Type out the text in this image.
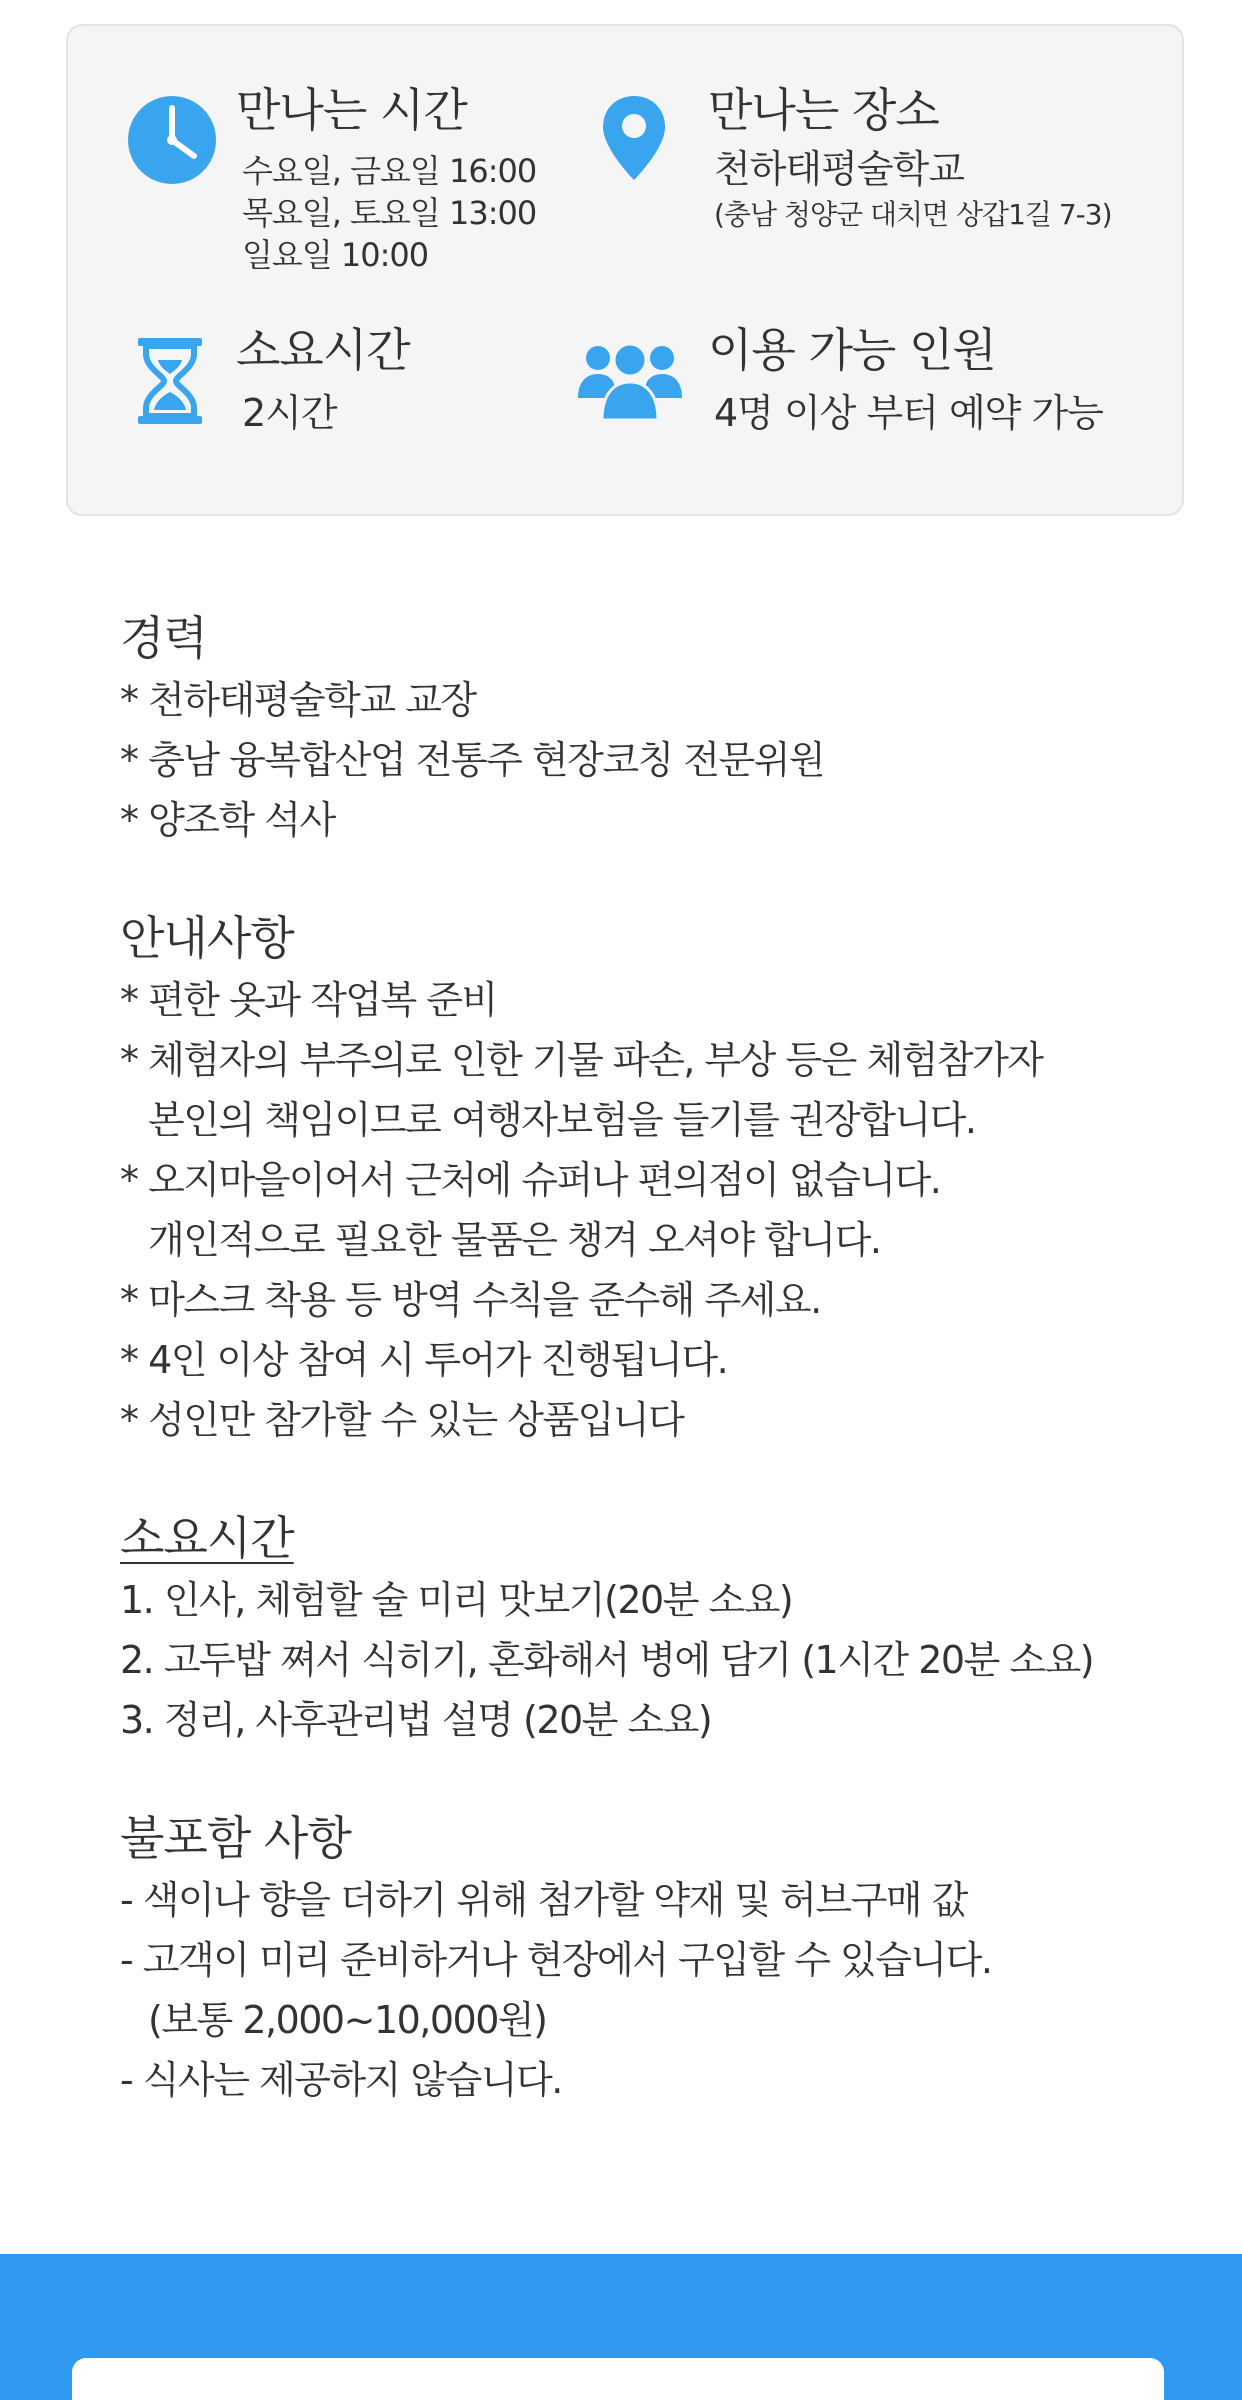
만나는 시간
수요일, 금요일 16:00
목요일, 토요일 13:00
일요일 10:00
만나는 장소
천하태평술학교
(충남 청양군 대치면 상갑1길 7-3)
소요시간
2시간
이용 가능 인원
4명 이상 부터 예약 가능
경력
* 천하태평술학교 교장
* 충남 융복합산업 전통주 현장코칭 전문위원
* 양조학 석사
안내사항
* 편한 옷과 작업복 준비
* 체험자의 부주의로 인한 기물 파손, 부상 등은 체험참가자
본인의 책임이므로 여행자보험을 들기를 권장합니다.
* 오지마을이어서 근처에 슈퍼나 편의점이 없습니다.
개인적으로 필요한 물품은 챙겨 오셔야 합니다.
* 마스크 착용 등 방역 수칙을 준수해 주세요.
* 4인 이상 참여 시 투어가 진행됩니다.
* 성인만 참가할 수 있는 상품입니다
소요시간
1. 인사, 체험할 술 미리 맛보기(20분 소요)
2. 고두밥 쪄서 식히기, 혼화해서 병에 담기 (1시간 20분 소요)
3. 정리, 사후관리법 설명 (20분 소요)
불포함 사항
- 색이나 향을 더하기 위해 첨가할 약재 및 허브구매 값
- 고객이 미리 준비하거나 현장에서 구입할 수 있습니다.
(보통 2,000~10,000원)
- 식사는 제공하지 않습니다.
